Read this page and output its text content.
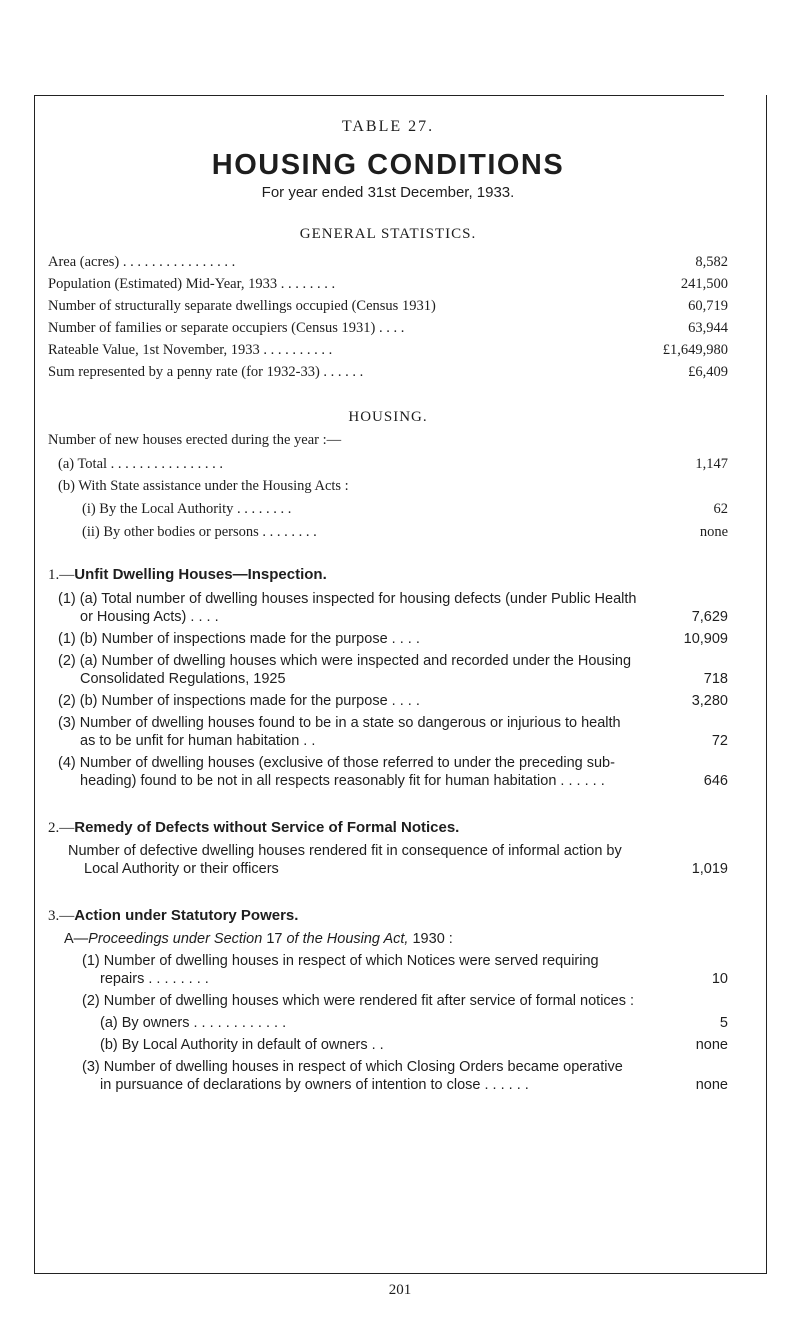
TABLE 27.

HOUSING CONDITIONS

For year ended 31st December, 1933.

GENERAL STATISTICS.

Area (acres) . . . . . . . . . . . . . . . .	8,582
Population (Estimated) Mid-Year, 1933 . . . . . . . .	241,500
Number of structurally separate dwellings occupied (Census 1931)	60,719
Number of families or separate occupiers (Census 1931) . . . .	63,944
Rateable Value, 1st November, 1933 . . . . . . . . . .	£1,649,980
Sum represented by a penny rate (for 1932-33) . . . . . .	£6,409

HOUSING.

Number of new houses erected during the year :—
(a) Total . . . . . . . . . . . . . . . .	1,147
(b) With State assistance under the Housing Acts :
(i) By the Local Authority . . . . . . . .	62
(ii) By other bodies or persons . . . . . . . .	none
1.—Unfit Dwelling Houses—Inspection.
(1) (a) Total number of dwelling houses inspected for housing defects (under Public Health or Housing Acts) . . . .	7,629
(1) (b) Number of inspections made for the purpose . . . .	10,909
(2) (a) Number of dwelling houses which were inspected and recorded under the Housing Consolidated Regulations, 1925	718
(2) (b) Number of inspections made for the purpose . . . .	3,280
(3) Number of dwelling houses found to be in a state so dangerous or injurious to health as to be unfit for human habitation . .	72
(4) Number of dwelling houses (exclusive of those referred to under the preceding sub-heading) found to be not in all respects reasonably fit for human habitation . . . . . .	646
2.—Remedy of Defects without Service of Formal Notices.
Number of defective dwelling houses rendered fit in consequence of informal action by Local Authority or their officers	1,019
3.—Action under Statutory Powers.
A—Proceedings under Section 17 of the Housing Act, 1930 :
(1) Number of dwelling houses in respect of which Notices were served requiring repairs . . . . . . . .	10
(2) Number of dwelling houses which were rendered fit after service of formal notices :
(a) By owners . . . . . . . . . . . .	5
(b) By Local Authority in default of owners . .	none
(3) Number of dwelling houses in respect of which Closing Orders became operative in pursuance of declarations by owners of intention to close . . . . . .	none
201
